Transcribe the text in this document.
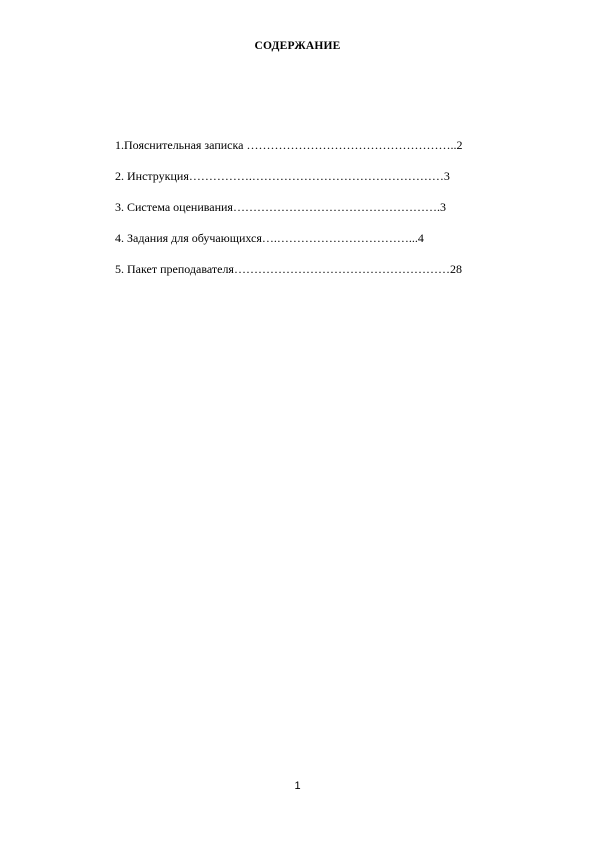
СОДЕРЖАНИЕ
1.Пояснительная записка ……………………………………………..2
2. Инструкция…………….…………………………………………3
3. Система оценивания…………………………………………….3
4. Задания для обучающихся….……………………………...4
5. Пакет преподавателя………………………………………………28
1
